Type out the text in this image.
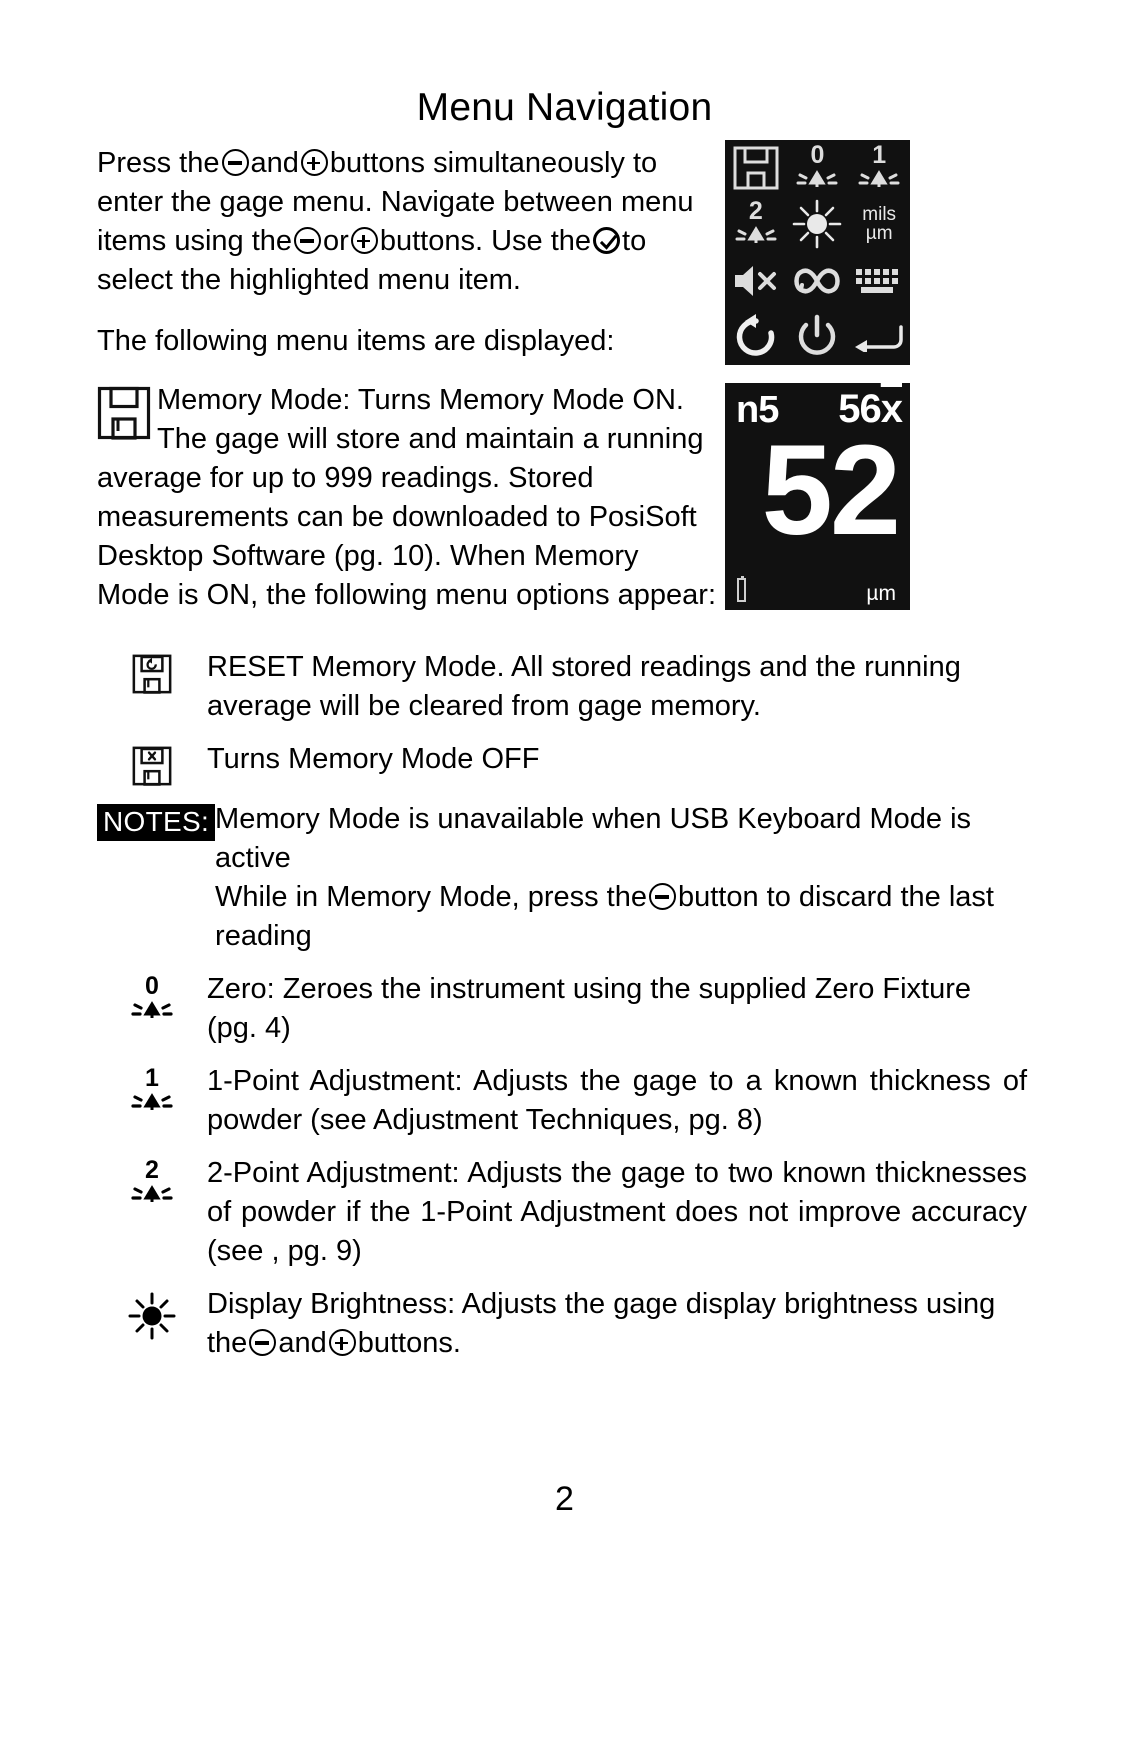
Menu Navigation

Press the and buttons simultaneously to enter the gage menu. Navigate between menu items using the or buttons. Use the to select the highlighted menu item.

The following menu items are displayed:

0	1
2	mils
µm

Memory Mode: Turns Memory Mode ON. The gage will store and maintain a running average for up to 999 readings. Stored measurements can be downloaded to PosiSoft Desktop Software (pg. 10). When Memory Mode is ON, the following menu options appear:

n5 $56\overline{x}$
52
µm
RESET Memory Mode. All stored readings and the running average will be cleared from gage memory.
Turns Memory Mode OFF
NOTES: Memory Mode is unavailable when USB Keyboard Mode is active

While in Memory Mode, press the button to discard the last reading

0	Zero: Zeroes the instrument using the supplied Zero Fixture (pg. 4)
1	1-Point Adjustment: Adjusts the gage to a known thickness of powder (see Adjustment Techniques, pg. 8)
2	2-Point Adjustment: Adjusts the gage to two known thicknesses of powder if the 1-Point Adjustment does not improve accuracy (see , pg. 9)
Display Brightness: Adjusts the gage display brightness using the and buttons.
2
